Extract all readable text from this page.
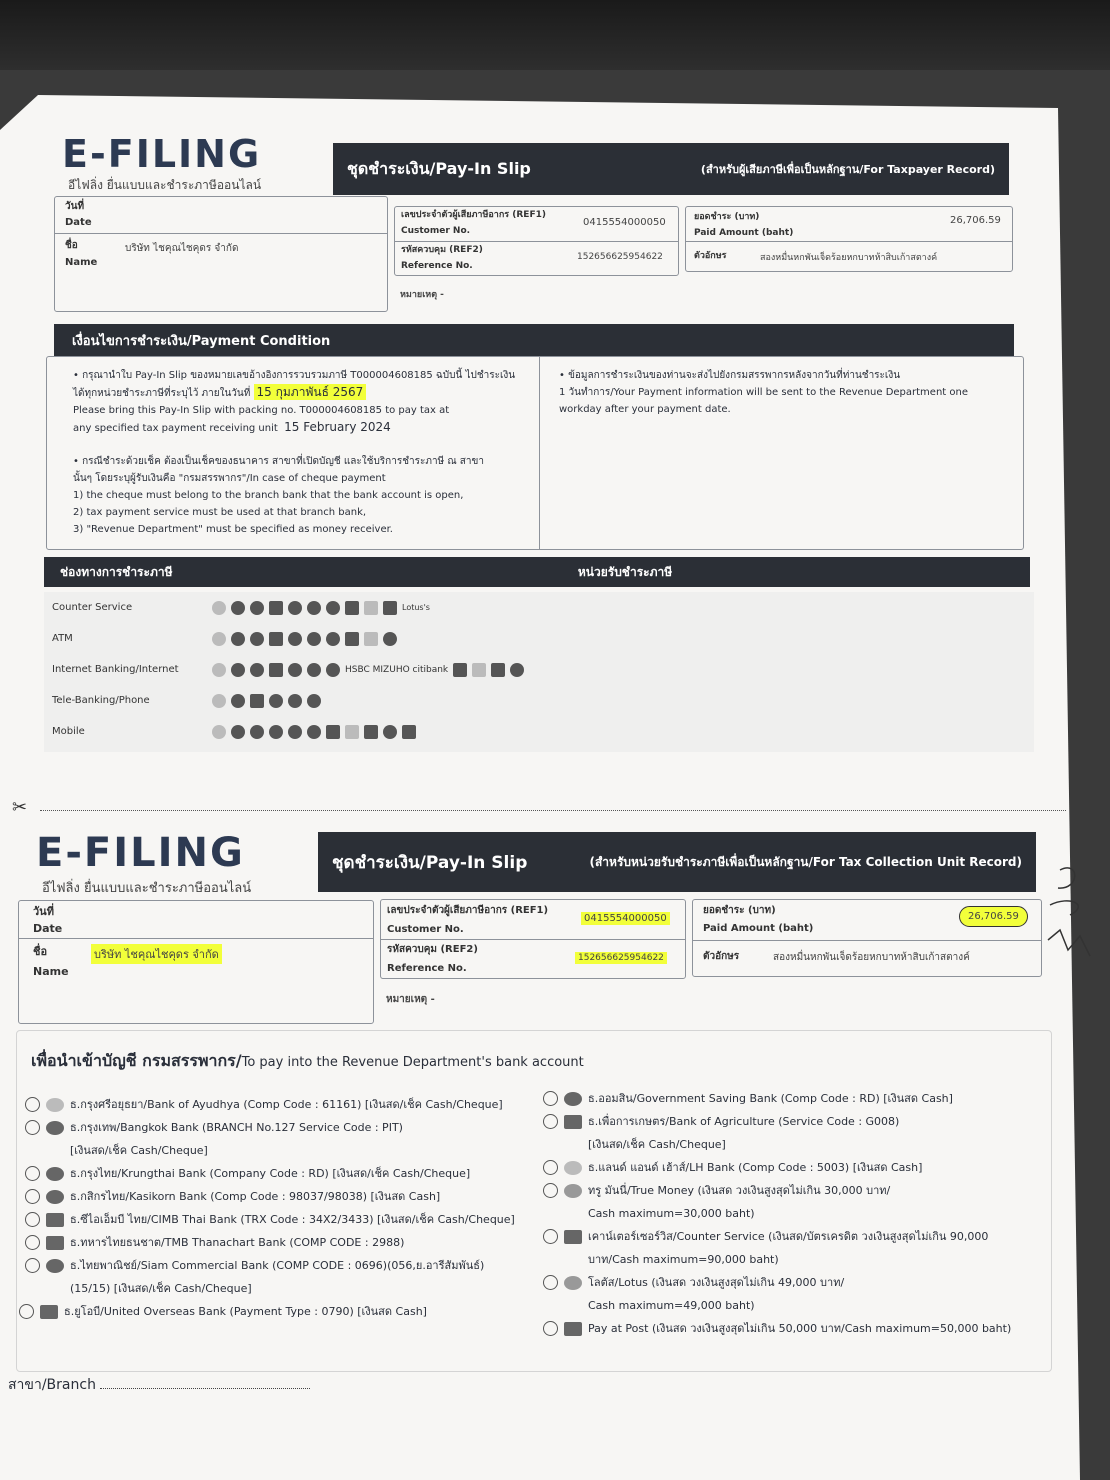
E-FILING
อีไฟลิ่ง ยื่นแบบและชำระภาษีออนไลน์
ชุดชำระเงิน/Pay-In Slip	(สำหรับผู้เสียภาษีเพื่อเป็นหลักฐาน/For Taxpayer Record)
วันที่
Date
ชื่อ
Name
บริษัท ไชคุณไชคุดร จำกัด
เลขประจำตัวผู้เสียภาษีอากร (REF1)
Customer No.
0415554000050
รหัสควบคุม (REF2)
Reference No.
152656625954622
หมายเหตุ -
ยอดชำระ (บาท)
Paid Amount (baht)
26,706.59
ตัวอักษร	สองหมื่นหกพันเจ็ดร้อยหกบาทห้าสิบเก้าสตางค์
เงื่อนไขการชำระเงิน/Payment Condition
• กรุณานำใบ Pay-In Slip ของหมายเลขอ้างอิงการรวบรวมภาษี T000004608185 ฉบับนี้ ไปชำระเงิน
ได้ทุกหน่วยชำระภาษีที่ระบุไว้ ภายในวันที่ 15 กุมภาพันธ์ 2567
Please bring this Pay-In Slip with packing no. T000004608185 to pay tax at
any specified tax payment receiving unit 15 February 2024
• กรณีชำระด้วยเช็ค ต้องเป็นเช็คของธนาคาร สาขาที่เปิดบัญชี และใช้บริการชำระภาษี ณ สาขา
นั้นๆ โดยระบุผู้รับเงินคือ "กรมสรรพากร"/In case of cheque payment
1) the cheque must belong to the branch bank that the bank account is open,
2) tax payment service must be used at that branch bank,
3) "Revenue Department" must be specified as money receiver.
• ข้อมูลการชำระเงินของท่านจะส่งไปยังกรมสรรพากรหลังจากวันที่ท่านชำระเงิน
1 วันทำการ/Your Payment information will be sent to the Revenue Department one
workday after your payment date.
ช่องทางการชำระภาษี	หน่วยรับชำระภาษี
Counter Service	Lotus's
ATM
Internet Banking/Internet	HSBC MIZUHO citibank
Tele-Banking/Phone
Mobile
✂
E-FILING
อีไฟลิ่ง ยื่นแบบและชำระภาษีออนไลน์
ชุดชำระเงิน/Pay-In Slip	(สำหรับหน่วยรับชำระภาษีเพื่อเป็นหลักฐาน/For Tax Collection Unit Record)
วันที่
Date
ชื่อ
Name
บริษัท ไชคุณไชคุดร จำกัด
เลขประจำตัวผู้เสียภาษีอากร (REF1)
Customer No.
0415554000050
รหัสควบคุม (REF2)
Reference No.
152656625954622
หมายเหตุ -
ยอดชำระ (บาท)
Paid Amount (baht)
26,706.59
ตัวอักษร	สองหมื่นหกพันเจ็ดร้อยหกบาทห้าสิบเก้าสตางค์
เพื่อนำเข้าบัญชี กรมสรรพากร/To pay into the Revenue Department's bank account
ธ.กรุงศรีอยุธยา/Bank of Ayudhya (Comp Code : 61161) [เงินสด/เช็ค Cash/Cheque]
ธ.กรุงเทพ/Bangkok Bank (BRANCH No.127 Service Code : PIT)
[เงินสด/เช็ค Cash/Cheque]
ธ.กรุงไทย/Krungthai Bank (Company Code : RD) [เงินสด/เช็ค Cash/Cheque]
ธ.กสิกรไทย/Kasikorn Bank (Comp Code : 98037/98038) [เงินสด Cash]
ธ.ซีไอเอ็มบี ไทย/CIMB Thai Bank (TRX Code : 34X2/3433) [เงินสด/เช็ค Cash/Cheque]
ธ.ทหารไทยธนชาต/TMB Thanachart Bank (COMP CODE : 2988)
ธ.ไทยพาณิชย์/Siam Commercial Bank (COMP CODE : 0696)(056,ย.อารีสัมพันธ์)
(15/15) [เงินสด/เช็ค Cash/Cheque]
ธ.ยูโอบี/United Overseas Bank (Payment Type : 0790) [เงินสด Cash]
ธ.ออมสิน/Government Saving Bank (Comp Code : RD) [เงินสด Cash]
ธ.เพื่อการเกษตร/Bank of Agriculture (Service Code : G008)
[เงินสด/เช็ค Cash/Cheque]
ธ.แลนด์ แอนด์ เฮ้าส์/LH Bank (Comp Code : 5003) [เงินสด Cash]
ทรู มันนี่/True Money (เงินสด วงเงินสูงสุดไม่เกิน 30,000 บาท/
Cash maximum=30,000 baht)
เคาน์เตอร์เซอร์วิส/Counter Service (เงินสด/บัตรเครดิต วงเงินสูงสุดไม่เกิน 90,000
บาท/Cash maximum=90,000 baht)
โลตัส/Lotus (เงินสด วงเงินสูงสุดไม่เกิน 49,000 บาท/
Cash maximum=49,000 baht)
Pay at Post (เงินสด วงเงินสูงสุดไม่เกิน 50,000 บาท/Cash maximum=50,000 baht)
สาขา/Branch
